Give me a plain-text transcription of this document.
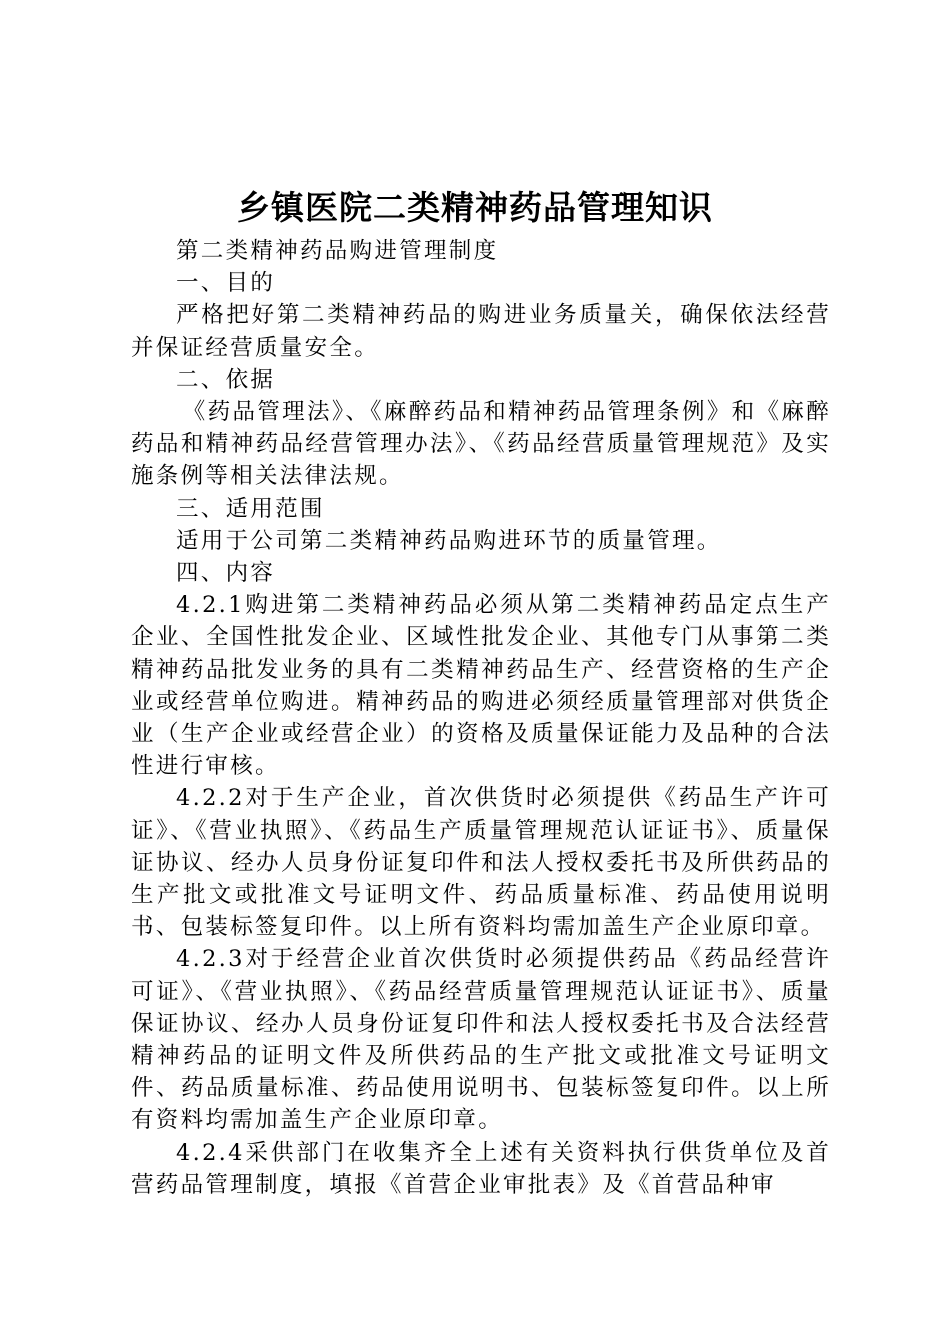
乡镇医院二类精神药品管理知识

第二类精神药品购进管理制度

一、目的

严格把好第二类精神药品的购进业务质量关，确保依法经营并保证经营质量安全。

二、依据

《药品管理法》、《麻醉药品和精神药品管理条例》和《麻醉药品和精神药品经营管理办法》、《药品经营质量管理规范》及实施条例等相关法律法规。

三、适用范围

适用于公司第二类精神药品购进环节的质量管理。

四、内容

4.2.1购进第二类精神药品必须从第二类精神药品定点生产企业、全国性批发企业、区域性批发企业、其他专门从事第二类精神药品批发业务的具有二类精神药品生产、经营资格的生产企业或经营单位购进。精神药品的购进必须经质量管理部对供货企业（生产企业或经营企业）的资格及质量保证能力及品种的合法性进行审核。

4.2.2对于生产企业，首次供货时必须提供《药品生产许可证》、《营业执照》、《药品生产质量管理规范认证证书》、质量保证协议、经办人员身份证复印件和法人授权委托书及所供药品的生产批文或批准文号证明文件、药品质量标准、药品使用说明书、包装标签复印件。以上所有资料均需加盖生产企业原印章。

4.2.3对于经营企业首次供货时必须提供药品《药品经营许可证》、《营业执照》、《药品经营质量管理规范认证证书》、质量保证协议、经办人员身份证复印件和法人授权委托书及合法经营精神药品的证明文件及所供药品的生产批文或批准文号证明文件、药品质量标准、药品使用说明书、包装标签复印件。以上所有资料均需加盖生产企业原印章。

4.2.4采供部门在收集齐全上述有关资料执行供货单位及首营药品管理制度，填报《首营企业审批表》及《首营品种审
